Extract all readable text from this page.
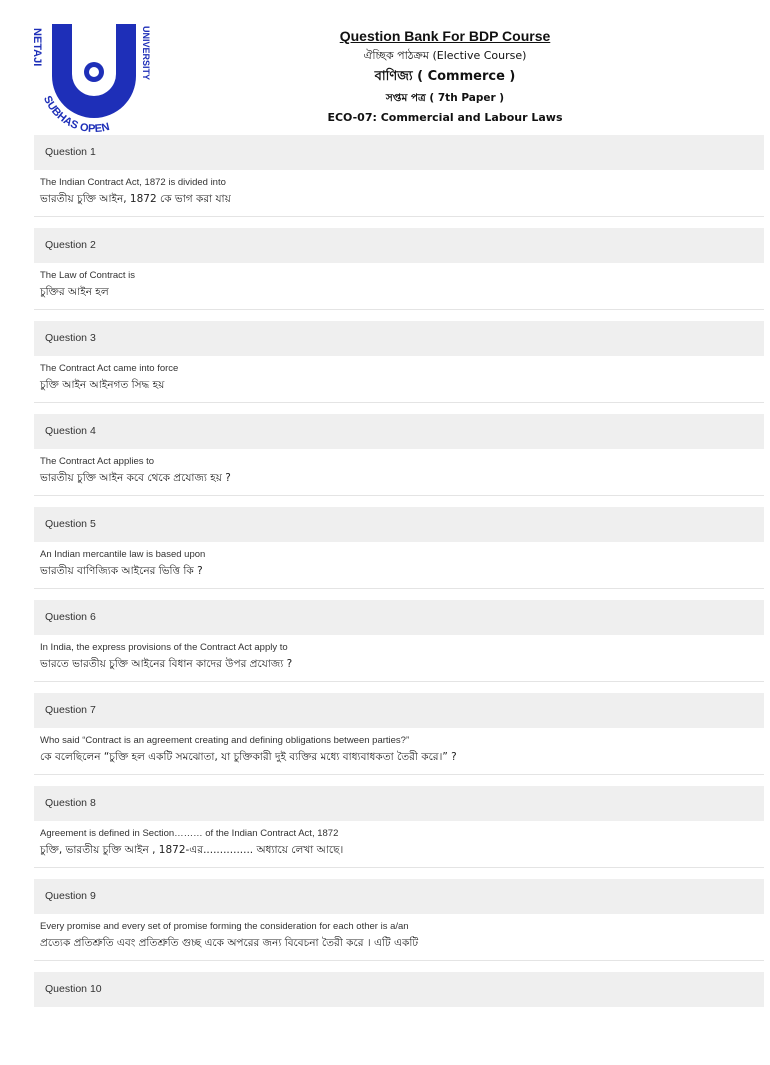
NETAJI	UNIVERSITY
SUBHAS OPEN
Question Bank For BDP Course
ঐচ্ছিক পাঠক্রম (Elective Course)
বাণিজ্য ( Commerce )
সপ্তম পত্র ( 7th Paper )
ECO-07: Commercial and Labour Laws
Question 1
The Indian Contract Act, 1872 is divided into
ভারতীয় চুক্তি আইন, 1872 কে ভাগ করা যায়
Question 2
The Law of Contract is
চুক্তির আইন হল
Question 3
The Contract Act came into force
চুক্তি আইন আইনগত সিদ্ধ হয়
Question 4
The Contract Act applies to
ভারতীয় চুক্তি আইন কবে থেকে প্রযোজ্য হয় ?
Question 5
An Indian mercantile law is based upon
ভারতীয় বাণিজ্যিক আইনের ভিত্তি কি ?
Question 6
In India, the express provisions of the Contract Act apply to
ভারতে ভারতীয় চুক্তি আইনের বিধান কাদের উপর প্রযোজ্য ?
Question 7
Who said “Contract is an agreement creating and defining obligations between parties?”
কে বলেছিলেন “চুক্তি হল একটি সমঝোতা, যা চুক্তিকারী দুই ব্যক্তির মধ্যে বাধ্যবাধকতা তৈরী করে।” ?
Question 8
Agreement is defined in Section……… of the Indian Contract Act, 1872
চুক্তি, ভারতীয় চুক্তি আইন , 1872-এর............... অধ্যায়ে লেখা আছে।
Question 9
Every promise and every set of promise forming the consideration for each other is a/an
প্রত্যেক প্রতিশ্রুতি এবং প্রতিশ্রুতি গুচ্ছ একে অপরের জন্য বিবেচনা তৈরী করে । এটি একটি
Question 10
